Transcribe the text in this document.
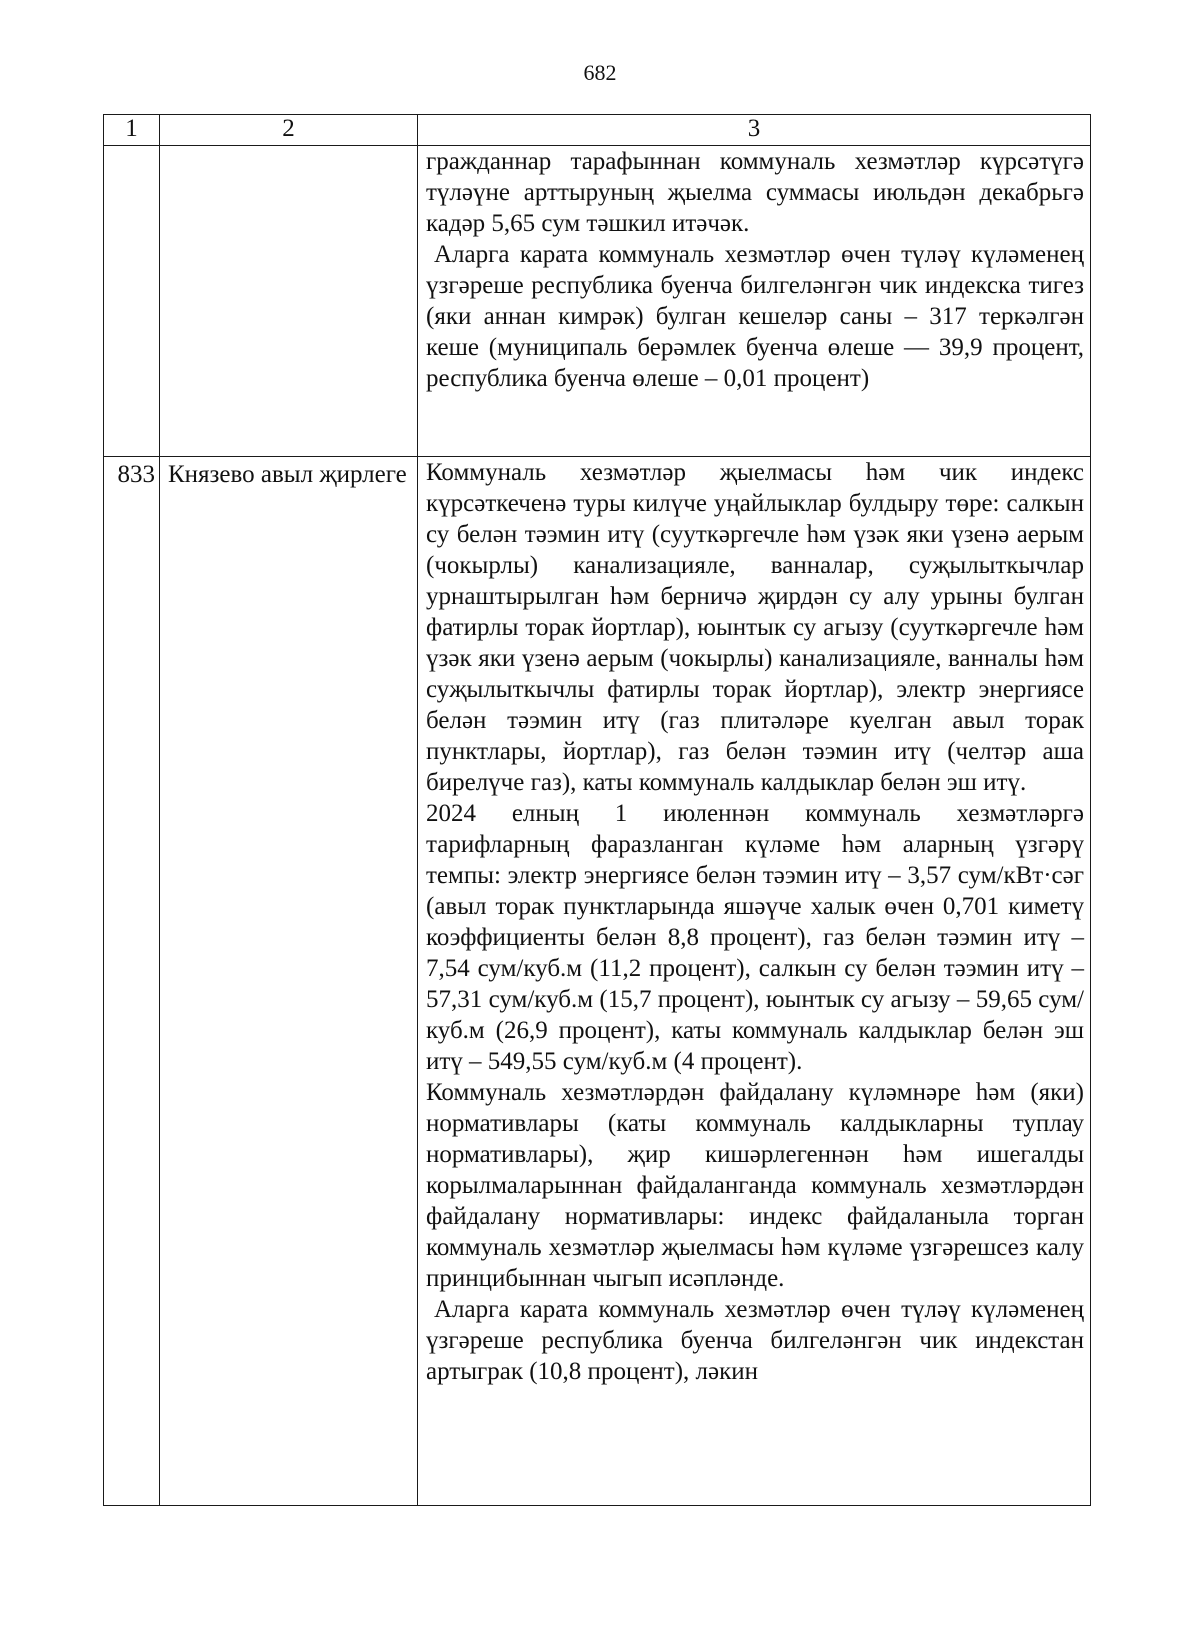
682
1	2	3

		гражданнар тарафыннан коммуналь хезмәтләр күрсәтүгә түләүне арттыруның җыелма суммасы июльдән декабрьгә кадәр 5,65 сум тәшкил итәчәк.

Аларга карата коммуналь хезмәтләр өчен түләү күләменең үзгәреше республика буенча билгеләнгән чик индекска тигез (яки аннан кимрәк) булган кешеләр саны – 317 теркәлгән кеше (муниципаль берәмлек буенча өлеше — 39,9 процент, республика буенча өлеше – 0,01 процент)

833	Князево авыл җирлеге	Коммуналь хезмәтләр җыелмасы һәм чик индекс күрсәткеченә туры килүче уңайлыклар булдыру төре: салкын су белән тәэмин итү (сууткәргечле һәм үзәк яки үзенә аерым (чокырлы) канализацияле, ванналар, суҗылыткычлар урнаштырылган һәм берничә җирдән су алу урыны булган фатирлы торак йортлар), юынтык су агызу (сууткәргечле һәм үзәк яки үзенә аерым (чокырлы) канализацияле, ванналы һәм суҗылыткычлы фатирлы торак йортлар), электр энергиясе белән тәэмин итү (газ плитәләре куелган авыл торак пунктлары, йортлар), газ белән тәэмин итү (челтәр аша бирелүче газ), каты коммуналь калдыклар белән эш итү.

2024 елның 1 июленнән коммуналь хезмәтләргә тарифларның фаразланган күләме һәм аларның үзгәрү темпы: электр энергиясе белән тәэмин итү – 3,57 сум/кВт·сәг (авыл торак пунктларында яшәүче халык өчен 0,701 киметү коэффициенты белән 8,8 процент), газ белән тәэмин итү – 7,54 сум/куб.м (11,2 процент), салкын су белән тәэмин итү – 57,31 сум/куб.м (15,7 процент), юынтык су агызу – 59,65 сум/куб.м (26,9 процент), каты коммуналь калдыклар белән эш итү – 549,55 сум/куб.м (4 процент).

Коммуналь хезмәтләрдән файдалану күләмнәре һәм (яки) нормативлары (каты коммуналь калдыкларны туплау нормативлары), җир кишәрлегеннән һәм ишегалды корылмаларыннан файдаланганда коммуналь хезмәтләрдән файдалану нормативлары: индекс файдаланыла торган коммуналь хезмәтләр җыелмасы һәм күләме үзгәрешсез калу принцибыннан чыгып исәпләнде.

Аларга карата коммуналь хезмәтләр өчен түләү күләменең үзгәреше республика буенча билгеләнгән чик индекстан артыграк (10,8 процент), ләкин
